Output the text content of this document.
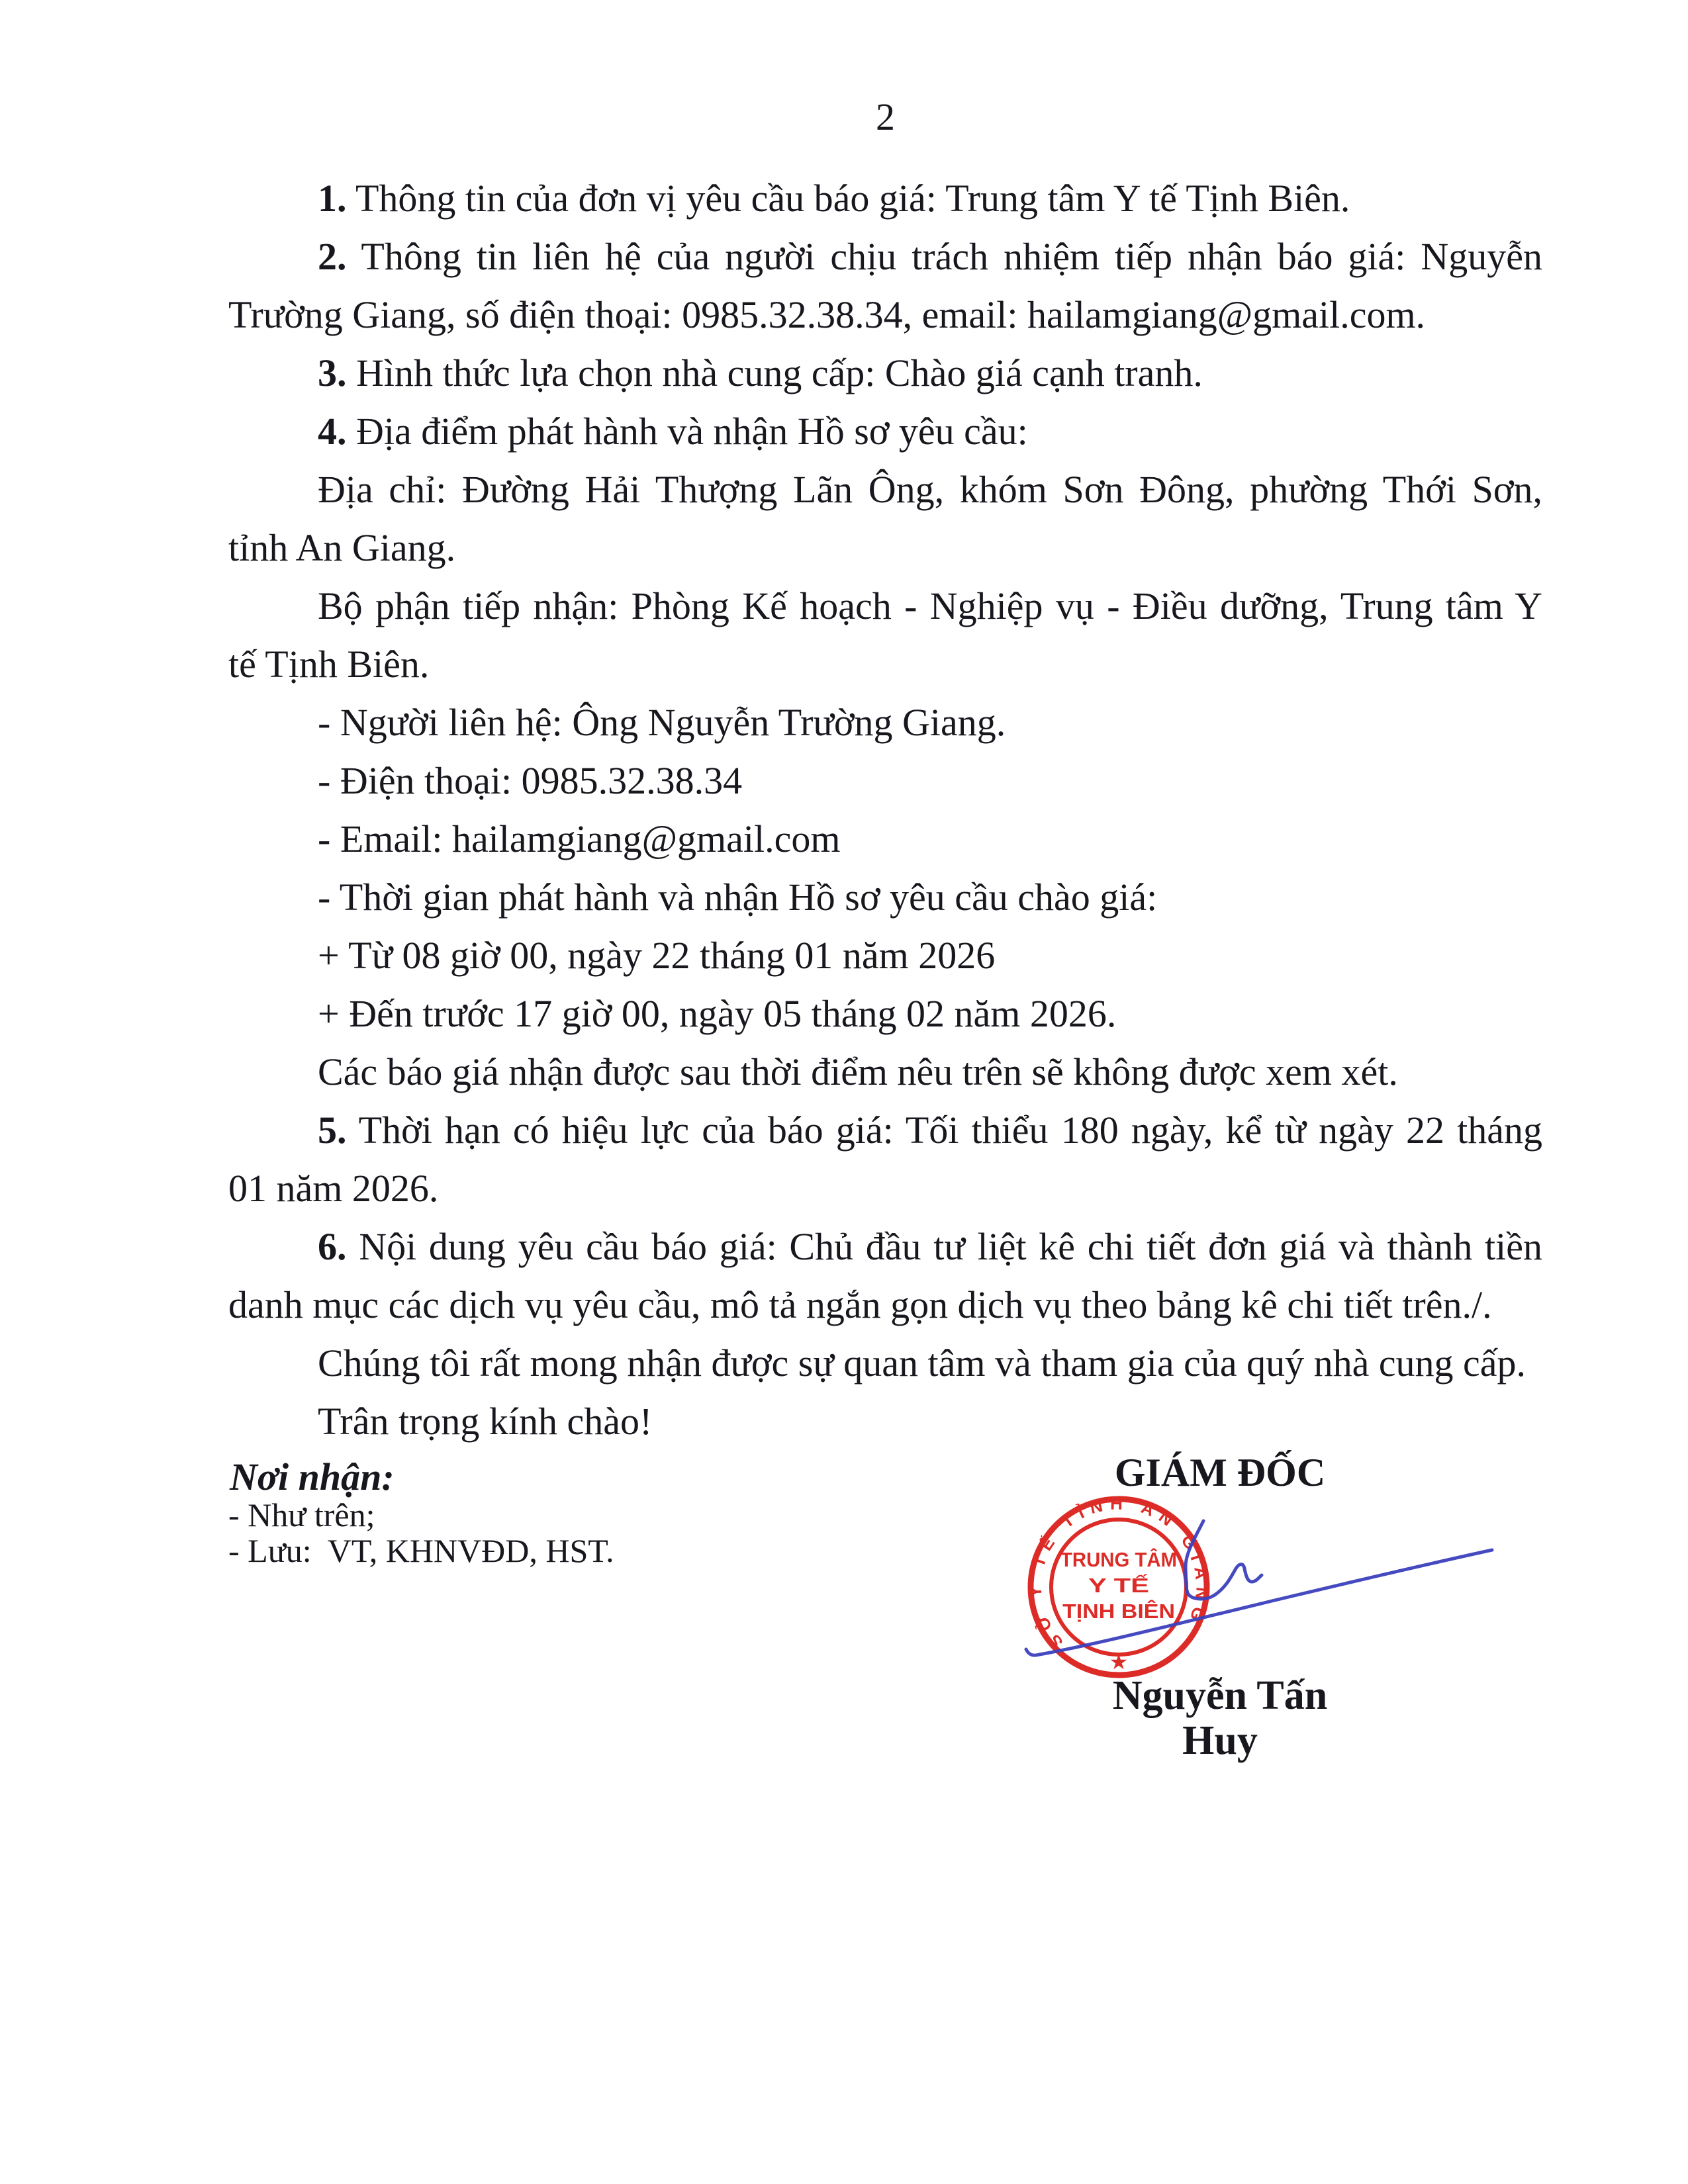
2
1. Thông tin của đơn vị yêu cầu báo giá: Trung tâm Y tế Tịnh Biên.
2. Thông tin liên hệ của người chịu trách nhiệm tiếp nhận báo giá: Nguyễn
Trường Giang, số điện thoại: 0985.32.38.34, email: hailamgiang@gmail.com.
3. Hình thức lựa chọn nhà cung cấp: Chào giá cạnh tranh.
4. Địa điểm phát hành và nhận Hồ sơ yêu cầu:
Địa chỉ: Đường Hải Thượng Lãn Ông, khóm Sơn Đông, phường Thới Sơn,
tỉnh An Giang.
Bộ phận tiếp nhận: Phòng Kế hoạch - Nghiệp vụ - Điều dưỡng, Trung tâm Y
tế Tịnh Biên.
- Người liên hệ: Ông Nguyễn Trường Giang.
- Điện thoại: 0985.32.38.34
- Email: hailamgiang@gmail.com
- Thời gian phát hành và nhận Hồ sơ yêu cầu chào giá:
+ Từ 08 giờ 00, ngày 22 tháng 01 năm 2026
+ Đến trước 17 giờ 00, ngày 05 tháng 02 năm 2026.
Các báo giá nhận được sau thời điểm nêu trên sẽ không được xem xét.
5. Thời hạn có hiệu lực của báo giá: Tối thiểu 180 ngày, kể từ ngày 22 tháng
01 năm 2026.
6. Nội dung yêu cầu báo giá: Chủ đầu tư liệt kê chi tiết đơn giá và thành tiền
danh mục các dịch vụ yêu cầu, mô tả ngắn gọn dịch vụ theo bảng kê chi tiết trên./.
Chúng tôi rất mong nhận được sự quan tâm và tham gia của quý nhà cung cấp.
Trân trọng kính chào!
Nơi nhận:
- Như trên;
- Lưu:  VT, KHNVĐD, HST.
GIÁM ĐỐC
SỞ Y TẾ TỈNH AN GIANG
TRUNG TÂM
Y TẾ
TỊNH BIÊN
★
Nguyễn Tấn Huy
